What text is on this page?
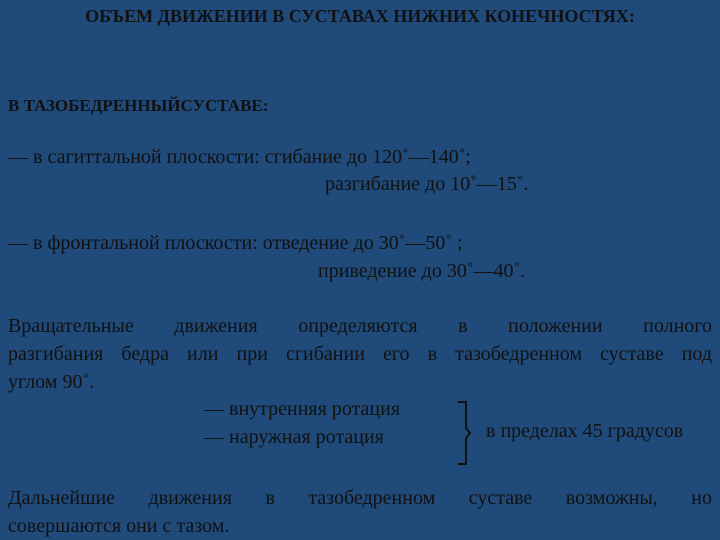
ОБЪЕМ ДВИЖЕНИИ В СУСТАВАХ НИЖНИХ КОНЕЧНОСТЯХ:
В ТАЗОБЕДРЕННЫЙСУСТАВЕ:
— в сагиттальной плоскости: сгибание до 120˚—140˚;
разгибание до 10˚—15˚.
— в фронтальной плоскости: отведение до 30˚—50˚ ;
приведение до 30˚—40˚.
Вращательные движения определяются в положении полного
разгибания бедра или при сгибании его в тазобедренном суставе под
углом 90˚.
— внутренняя ротация
— наружная ротация	в пределах 45 градусов
Дальнейшие движения в тазобедренном суставе возможны, но
совершаются они с тазом.
